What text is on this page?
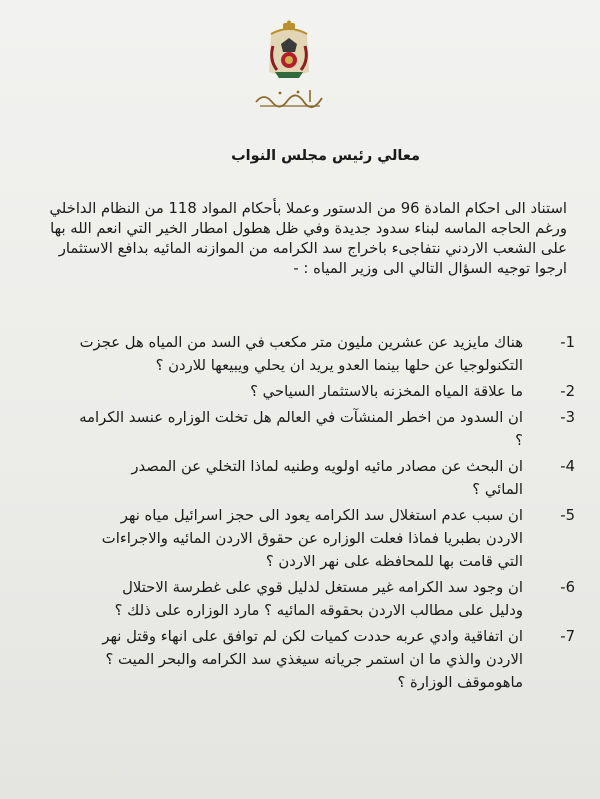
معالي رئيس مجلس النواب
استناد الى احكام المادة 96 من الدستور وعملا بأحكام المواد 118 من النظام الداخلي
ورغم الحاجه الماسه لبناء سدود جديدة وفي ظل هطول امطار الخير التي انعم الله بها
على الشعب الاردني نتفاجىء باخراج سد الكرامه من الموازنه المائيه بدافع الاستثمار
ارجوا توجيه السؤال التالي الى وزير المياه : -
1-
هناك مايزيد عن عشرين مليون متر مكعب في السد من المياه هل عجزت
التكنولوجيا عن حلها بينما العدو يريد ان يحلي ويبيعها للاردن ؟
2-
ما علاقة المياه المخزنه بالاستثمار السياحي ؟
3-
ان السدود من اخطر المنشآت في العالم هل تخلت الوزاره عنسد الكرامه
؟
4-
ان البحث عن مصادر مائيه اولويه وطنيه لماذا التخلي عن المصدر
المائي ؟
5-
ان سبب عدم استغلال سد الكرامه يعود الى حجز اسرائيل مياه نهر
الاردن بطبريا فماذا فعلت الوزاره عن حقوق الاردن المائيه والاجراءات
التي قامت بها للمحافظه على نهر الاردن ؟
6-
ان وجود سد الكرامه غير مستغل لدليل قوي على غطرسة الاحتلال
ودليل على مطالب الاردن بحقوقه المائيه ؟ مارد الوزاره على ذلك ؟
7-
ان اتفاقية وادي عربه حددت كميات لكن لم توافق على انهاء وقتل نهر
الاردن والذي ما ان استمر جريانه سيغذي سد الكرامه والبحر الميت ؟
ماهوموقف الوزارة ؟
